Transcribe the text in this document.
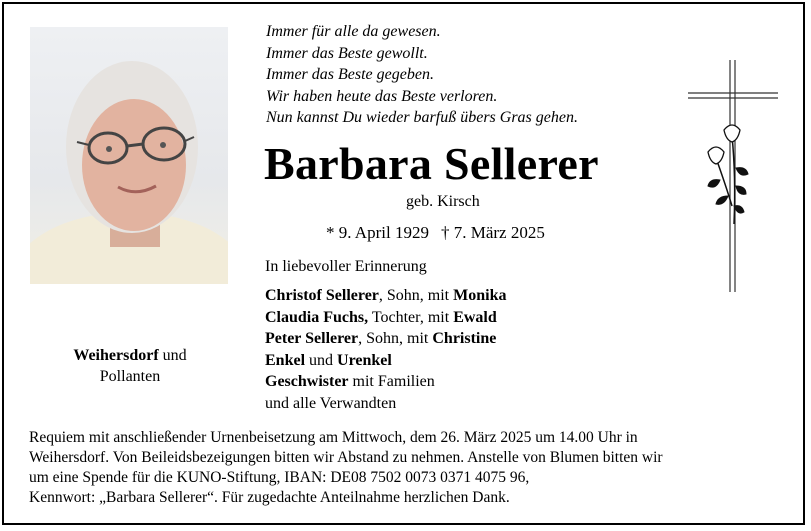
Weihersdorf und
Pollanten
Immer für alle da gewesen.
Immer das Beste gewollt.
Immer das Beste gegeben.
Wir haben heute das Beste verloren.
Nun kannst Du wieder barfuß übers Gras gehen.
Barbara Sellerer
geb. Kirsch
* 9. April 1929 † 7. März 2025
In liebevoller Erinnerung
Christof Sellerer, Sohn, mit Monika
Claudia Fuchs, Tochter, mit Ewald
Peter Sellerer, Sohn, mit Christine
Enkel und Urenkel
Geschwister mit Familien
und alle Verwandten
Requiem mit anschließender Urnenbeisetzung am Mittwoch, dem 26. März 2025 um 14.00 Uhr in
Weihersdorf. Von Beileidsbezeigungen bitten wir Abstand zu nehmen. Anstelle von Blumen bitten wir
um eine Spende für die KUNO-Stiftung, IBAN: DE08 7502 0073 0371 4075 96,
Kennwort: „Barbara Sellerer“. Für zugedachte Anteilnahme herzlichen Dank.
